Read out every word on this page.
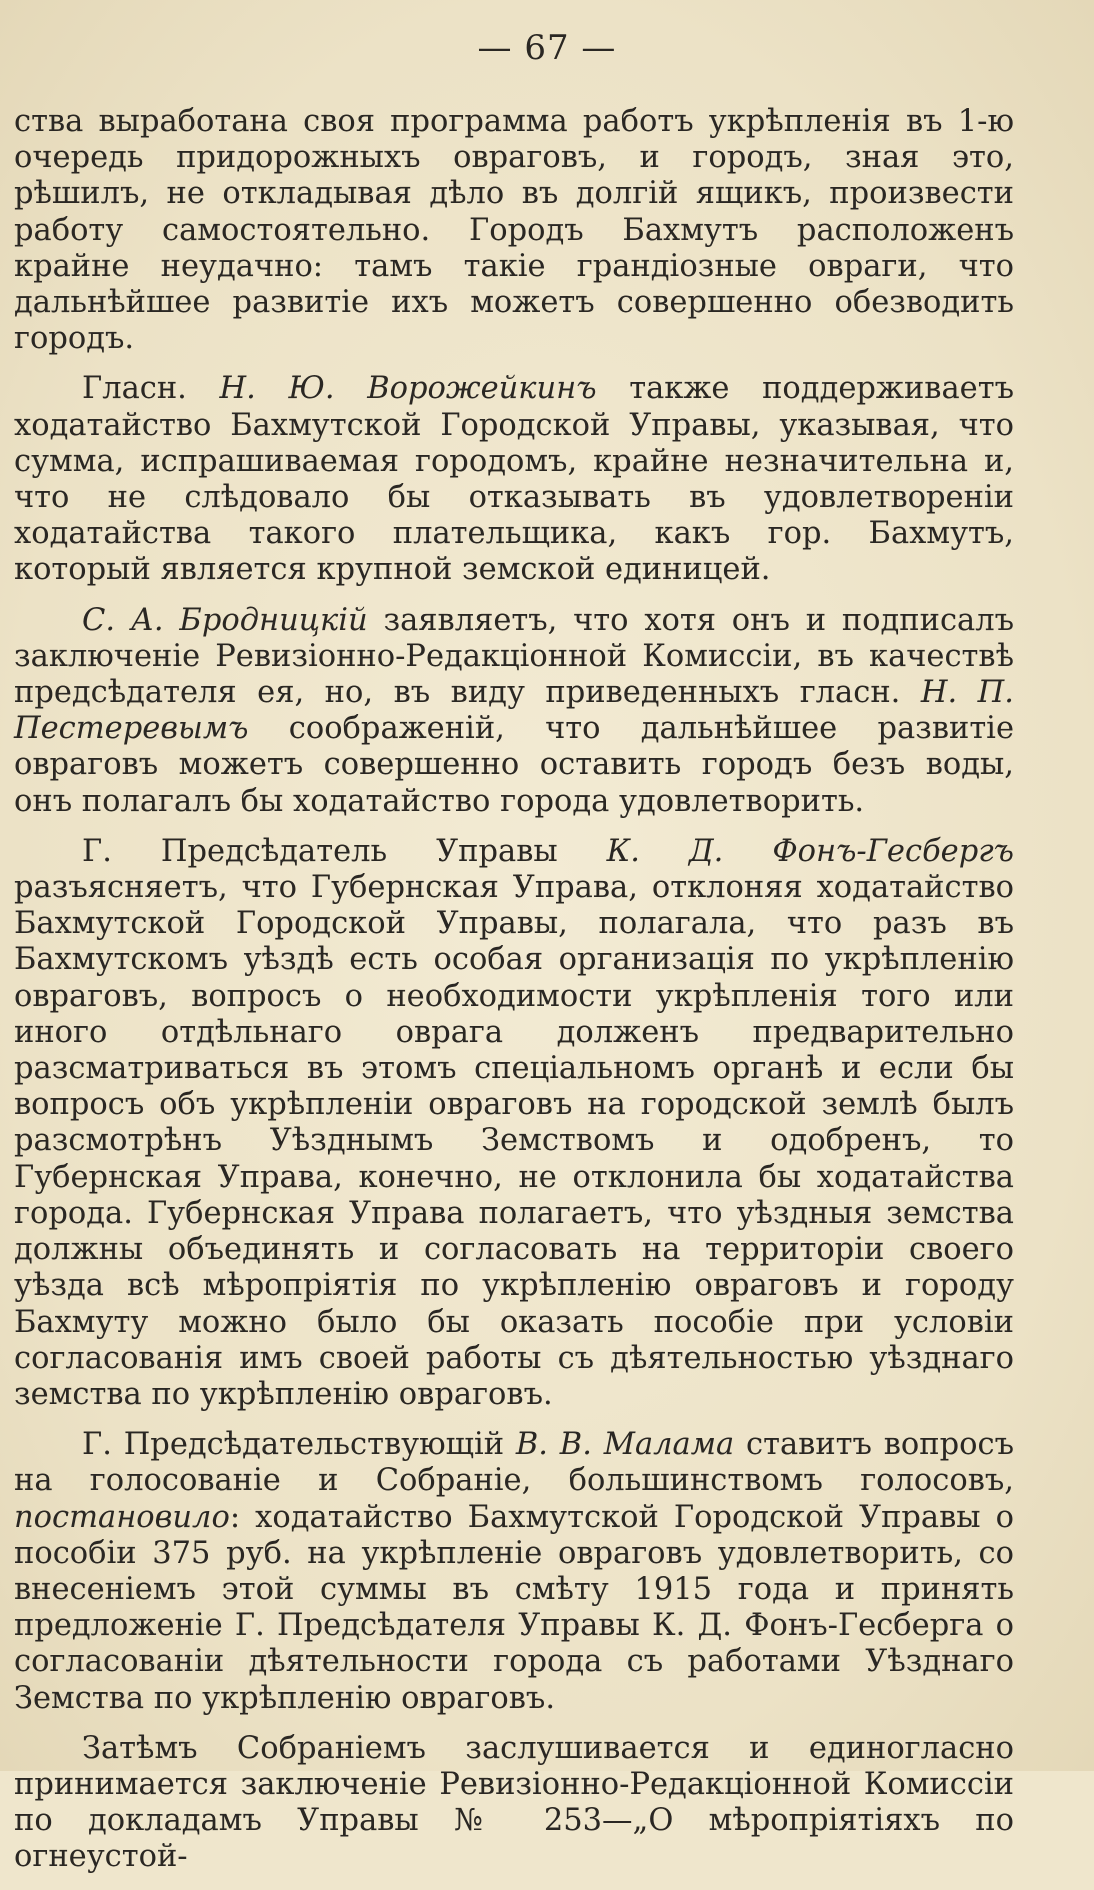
— 67 —

ства выработана своя программа работъ укрѣпленія въ 1-ю очередь придорожныхъ овраговъ, и городъ, зная это, рѣшилъ, не откладывая дѣло въ долгій ящикъ, произвести работу самостоятельно. Городъ Бахмутъ расположенъ крайне неудачно: тамъ такіе грандіозные овраги, что дальнѣйшее развитіе ихъ можетъ совершенно обезводить городъ.

Гласн. Н. Ю. Ворожейкинъ также поддерживаетъ ходатайство Бахмутской Городской Управы, указывая, что сумма, испрашиваемая городомъ, крайне незначительна и, что не слѣдовало бы отказывать въ удовлетвореніи ходатайства такого плательщика, какъ гор. Бахмутъ, который является крупной земской единицей.

С. А. Бродницкій заявляетъ, что хотя онъ и подписалъ заключеніе Ревизіонно-Редакціонной Комиссіи, въ качествѣ предсѣдателя ея, но, въ виду приведенныхъ гласн. Н. П. Пестеревымъ соображеній, что дальнѣйшее развитіе овраговъ можетъ совершенно оставить городъ безъ воды, онъ полагалъ бы ходатайство города удовлетворить.

Г. Предсѣдатель Управы К. Д. Фонъ-Гесбергъ разъясняетъ, что Губернская Управа, отклоняя ходатайство Бахмутской Городской Управы, полагала, что разъ въ Бахмутскомъ уѣздѣ есть особая организація по укрѣпленію овраговъ, вопросъ о необходимости укрѣпленія того или иного отдѣльнаго оврага долженъ предварительно разсматриваться въ этомъ спеціальномъ органѣ и если бы вопросъ объ укрѣпленіи овраговъ на городской землѣ былъ разсмотрѣнъ Уѣзднымъ Земствомъ и одобренъ, то Губернская Управа, конечно, не отклонила бы ходатайства города. Губернская Управа полагаетъ, что уѣздныя земства должны объединять и согласовать на территоріи своего уѣзда всѣ мѣропріятія по укрѣпленію овраговъ и городу Бахмуту можно было бы оказать пособіе при условіи согласованія имъ своей работы съ дѣятельностью уѣзднаго земства по укрѣпленію овраговъ.

Г. Предсѣдательствующій В. В. Малама ставитъ вопросъ на голосованіе и Собраніе, большинствомъ голосовъ, постановило: ходатайство Бахмутской Городской Управы о пособіи 375 руб. на укрѣпленіе овраговъ удовлетворить, со внесеніемъ этой суммы въ смѣту 1915 года и принять предложеніе Г. Предсѣдателя Управы К. Д. Фонъ-Гесберга о согласованіи дѣятельности города съ работами Уѣзднаго Земства по укрѣпленію овраговъ.

Затѣмъ Собраніемъ заслушивается и единогласно принимается заключеніе Ревизіонно-Редакціонной Комиссіи по докладамъ Управы № 253—„О мѣропріятіяхъ по огнеустой-
